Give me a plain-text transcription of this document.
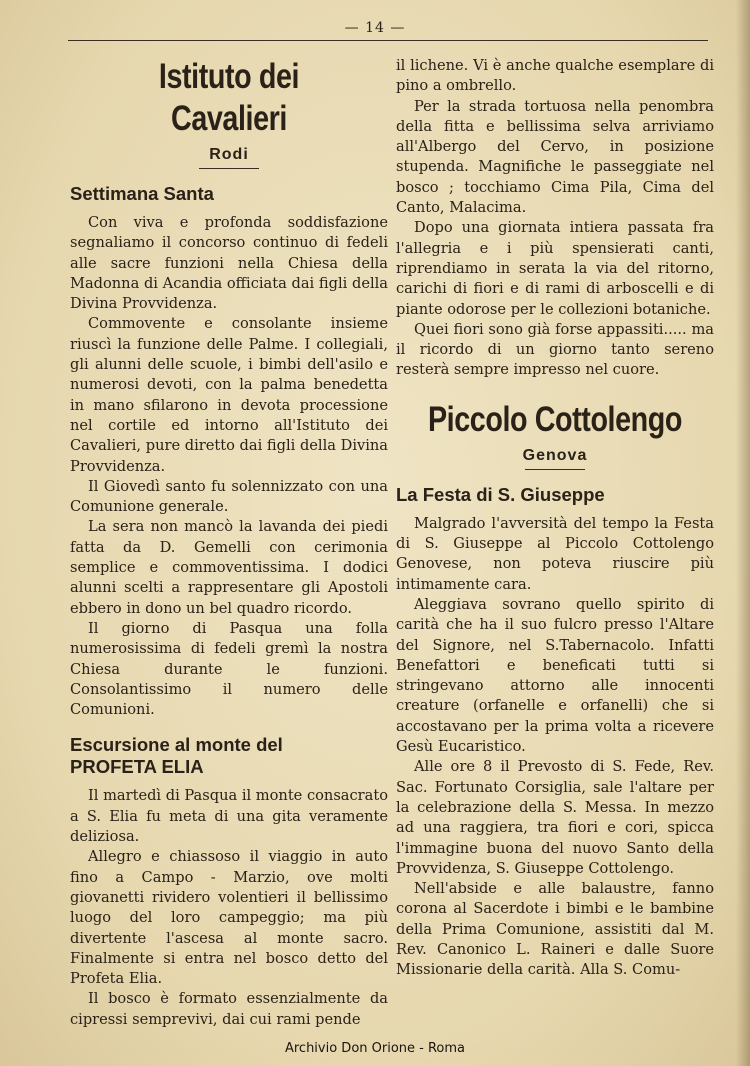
— 14 —
Istituto dei Cavalieri
Rodi
Settimana Santa

Con viva e profonda soddisfazione segnaliamo il concorso continuo di fedeli alle sacre funzioni nella Chiesa della Madonna di Acandia officiata dai figli della Divina Provvidenza.

Commovente e consolante insieme riuscì la funzione delle Palme. I collegiali, gli alunni delle scuole, i bimbi dell'asilo e numerosi devoti, con la palma benedetta in mano sfilarono in devota processione nel cortile ed intorno all'Istituto dei Cavalieri, pure diretto dai figli della Divina Provvidenza.

Il Giovedì santo fu solennizzato con una Comunione generale.

La sera non mancò la lavanda dei piedi fatta da D. Gemelli con cerimonia semplice e commoventissima. I dodici alunni scelti a rappresentare gli Apostoli ebbero in dono un bel quadro ricordo.

Il giorno di Pasqua una folla numerosissima di fedeli gremì la nostra Chiesa durante le funzioni. Consolantissimo il numero delle Comunioni.

Escursione al monte del PROFETA ELIA

Il martedì di Pasqua il monte consacrato a S. Elia fu meta di una gita veramente deliziosa.

Allegro e chiassoso il viaggio in auto fino a Campo - Marzio, ove molti giovanetti rividero volentieri il bellissimo luogo del loro campeggio; ma più divertente l'ascesa al monte sacro. Finalmente si entra nel bosco detto del Profeta Elia.

Il bosco è formato essenzialmente da cipressi semprevivi, dai cui rami pende

il lichene. Vi è anche qualche esemplare di pino a ombrello.

Per la strada tortuosa nella penombra della fitta e bellissima selva arriviamo all'Albergo del Cervo, in posizione stupenda. Magnifiche le passeggiate nel bosco ; tocchiamo Cima Pila, Cima del Canto, Malacima.

Dopo una giornata intiera passata fra l'allegria e i più spensierati canti, riprendiamo in serata la via del ritorno, carichi di fiori e di rami di arboscelli e di piante odorose per le collezioni botaniche.

Quei fiori sono già forse appassiti..... ma il ricordo di un giorno tanto sereno resterà sempre impresso nel cuore.

Piccolo Cottolengo
Genova
La Festa di S. Giuseppe

Malgrado l'avversità del tempo la Festa di S. Giuseppe al Piccolo Cottolengo Genovese, non poteva riuscire più intimamente cara.

Aleggiava sovrano quello spirito di carità che ha il suo fulcro presso l'Altare del Signore, nel S.Tabernacolo. Infatti Benefattori e beneficati tutti si stringevano attorno alle innocenti creature (orfanelle e orfanelli) che si accostavano per la prima volta a ricevere Gesù Eucaristico.

Alle ore 8 il Prevosto di S. Fede, Rev. Sac. Fortunato Corsiglia, sale l'altare per la celebrazione della S. Messa. In mezzo ad una raggiera, tra fiori e cori, spicca l'immagine buona del nuovo Santo della Provvidenza, S. Giuseppe Cottolengo.

Nell'abside e alle balaustre, fanno corona al Sacerdote i bimbi e le bambine della Prima Comunione, assistiti dal M. Rev. Canonico L. Raineri e dalle Suore Missionarie della carità. Alla S. Comu-

Archivio Don Orione - Roma
